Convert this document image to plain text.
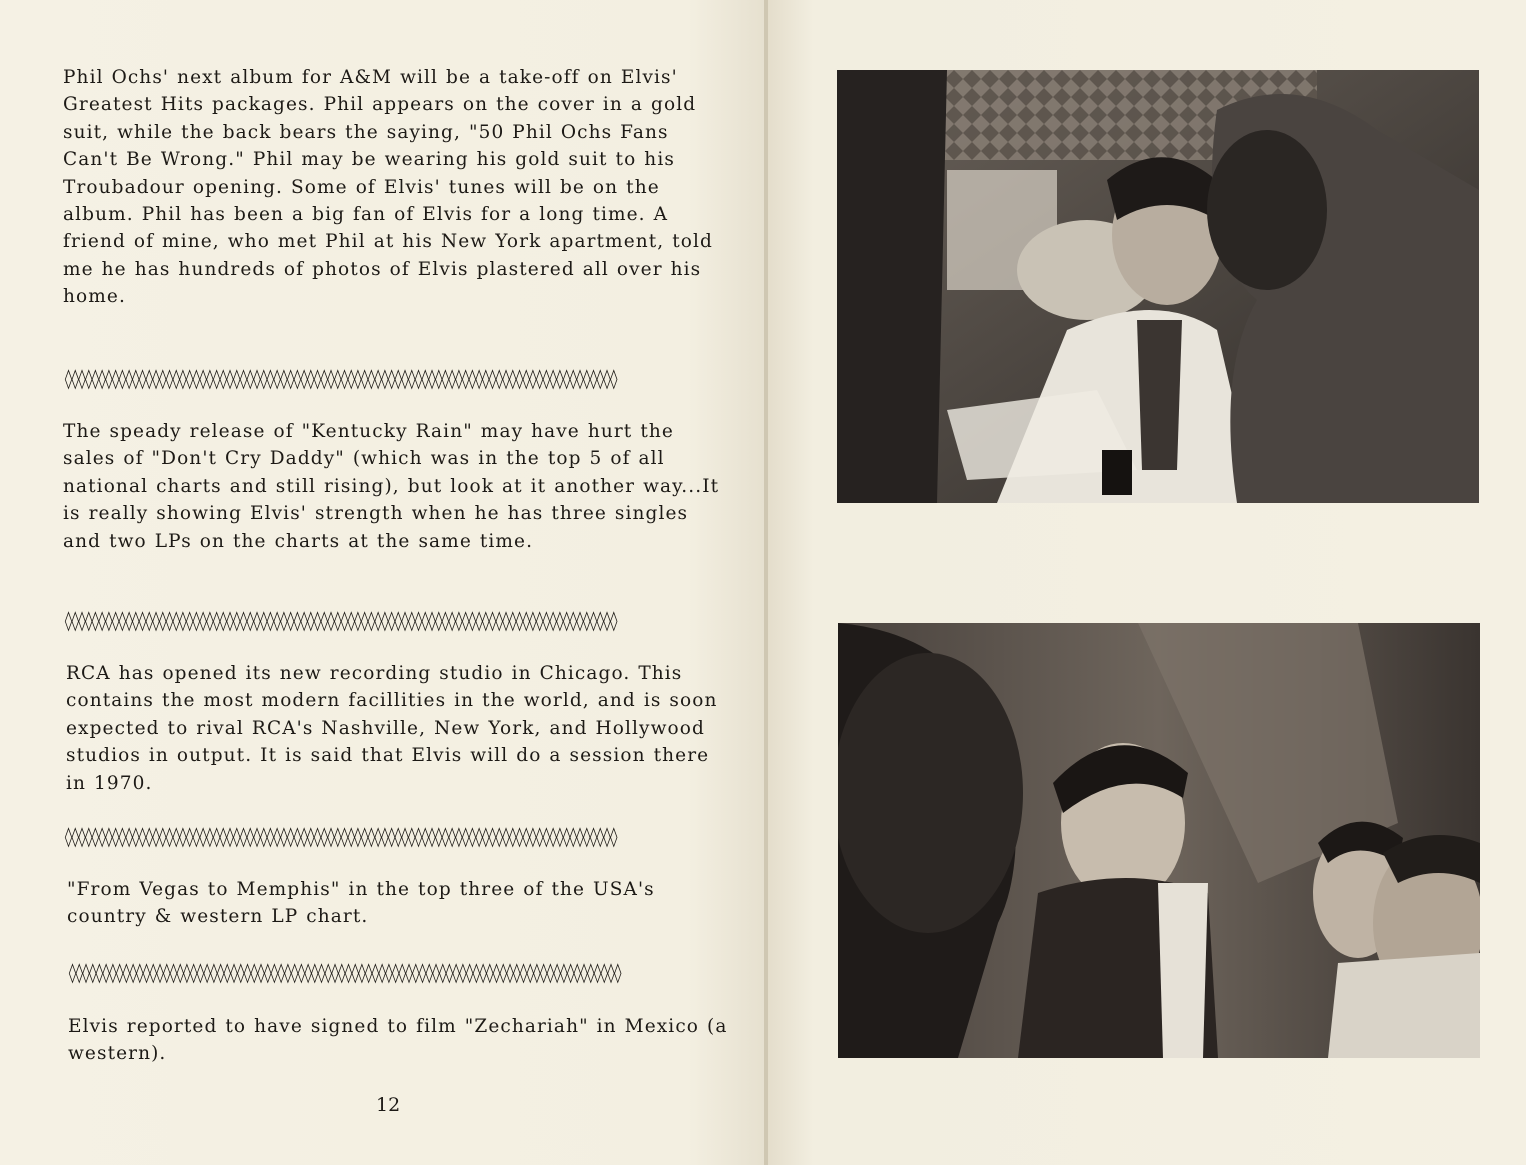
Phil Ochs' next album for A&M will be a take-off on Elvis' Greatest Hits packages. Phil appears on the cover in a gold suit, while the back bears the saying, "50 Phil Ochs Fans Can't Be Wrong." Phil may be wearing his gold suit to his Troubadour opening. Some of Elvis' tunes will be on the album. Phil has been a big fan of Elvis for a long time. A friend of mine, who met Phil at his New York apartment, told me he has hundreds of photos of Elvis plastered all over his home.

◊◊◊◊◊◊◊◊◊◊◊◊◊◊◊◊◊◊◊◊◊◊◊◊◊◊◊◊◊◊◊◊◊◊◊◊◊◊◊◊◊◊◊◊◊◊◊◊◊◊◊◊◊◊◊◊◊◊◊◊◊◊◊◊◊◊◊◊◊◊◊◊◊◊◊◊◊◊◊◊◊◊

The speady release of "Kentucky Rain" may have hurt the sales of "Don't Cry Daddy" (which was in the top 5 of all national charts and still rising), but look at it another way...It is really showing Elvis' strength when he has three singles and two LPs on the charts at the same time.

◊◊◊◊◊◊◊◊◊◊◊◊◊◊◊◊◊◊◊◊◊◊◊◊◊◊◊◊◊◊◊◊◊◊◊◊◊◊◊◊◊◊◊◊◊◊◊◊◊◊◊◊◊◊◊◊◊◊◊◊◊◊◊◊◊◊◊◊◊◊◊◊◊◊◊◊◊◊◊◊◊◊

RCA has opened its new recording studio in Chicago. This contains the most modern facillities in the world, and is soon expected to rival RCA's Nashville, New York, and Hollywood studios in output. It is said that Elvis will do a session there in 1970.

◊◊◊◊◊◊◊◊◊◊◊◊◊◊◊◊◊◊◊◊◊◊◊◊◊◊◊◊◊◊◊◊◊◊◊◊◊◊◊◊◊◊◊◊◊◊◊◊◊◊◊◊◊◊◊◊◊◊◊◊◊◊◊◊◊◊◊◊◊◊◊◊◊◊◊◊◊◊◊◊◊◊

"From Vegas to Memphis" in the top three of the USA's country & western LP chart.

◊◊◊◊◊◊◊◊◊◊◊◊◊◊◊◊◊◊◊◊◊◊◊◊◊◊◊◊◊◊◊◊◊◊◊◊◊◊◊◊◊◊◊◊◊◊◊◊◊◊◊◊◊◊◊◊◊◊◊◊◊◊◊◊◊◊◊◊◊◊◊◊◊◊◊◊◊◊◊◊◊◊

Elvis reported to have signed to film "Zechariah" in Mexico (a western).

12
